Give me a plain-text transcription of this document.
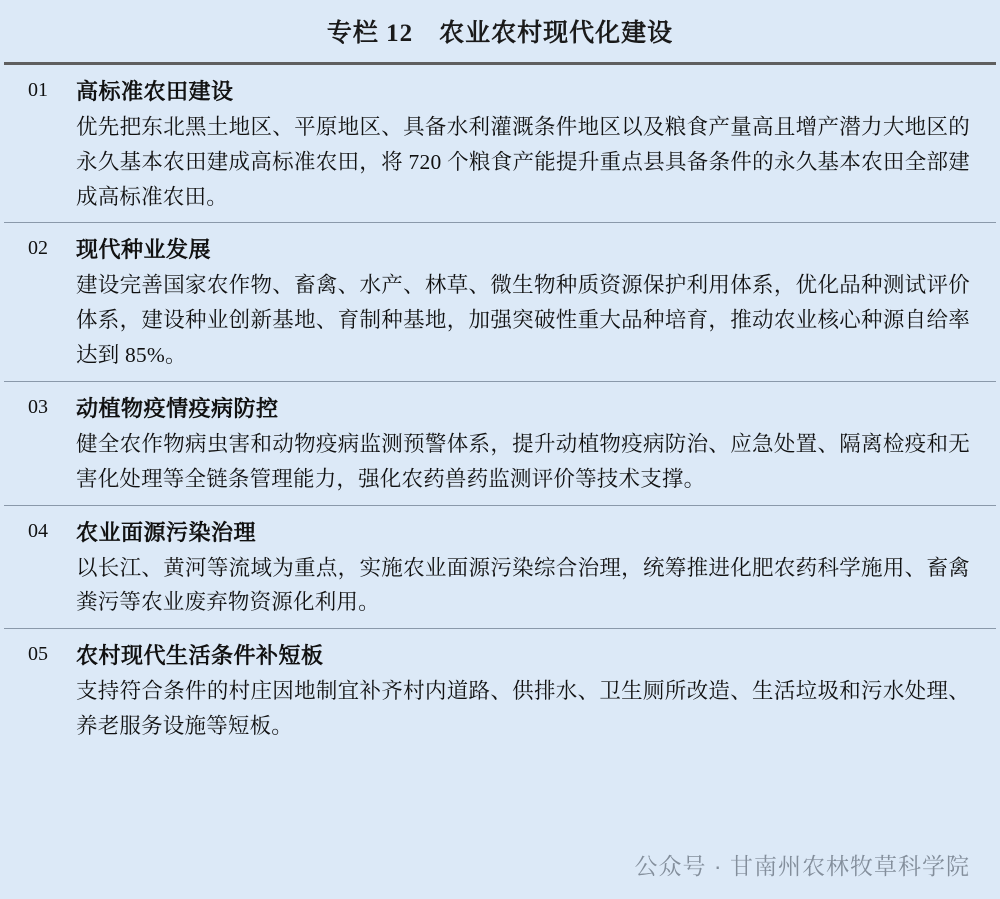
专栏 12 农业农村现代化建设
01	高标准农田建设
优先把东北黑土地区、平原地区、具备水利灌溉条件地区以及粮食产量高且增产潜力大地区的永久基本农田建成高标准农田，将 720 个粮食产能提升重点县具备条件的永久基本农田全部建成高标准农田。
02	现代种业发展
建设完善国家农作物、畜禽、水产、林草、微生物种质资源保护利用体系，优化品种测试评价体系，建设种业创新基地、育制种基地，加强突破性重大品种培育，推动农业核心种源自给率达到 85%。
03	动植物疫情疫病防控
健全农作物病虫害和动物疫病监测预警体系，提升动植物疫病防治、应急处置、隔离检疫和无害化处理等全链条管理能力，强化农药兽药监测评价等技术支撑。
04	农业面源污染治理
以长江、黄河等流域为重点，实施农业面源污染综合治理，统筹推进化肥农药科学施用、畜禽粪污等农业废弃物资源化利用。
05	农村现代生活条件补短板
支持符合条件的村庄因地制宜补齐村内道路、供排水、卫生厕所改造、生活垃圾和污水处理、养老服务设施等短板。
公众号 · 甘南州农林牧草科学院
